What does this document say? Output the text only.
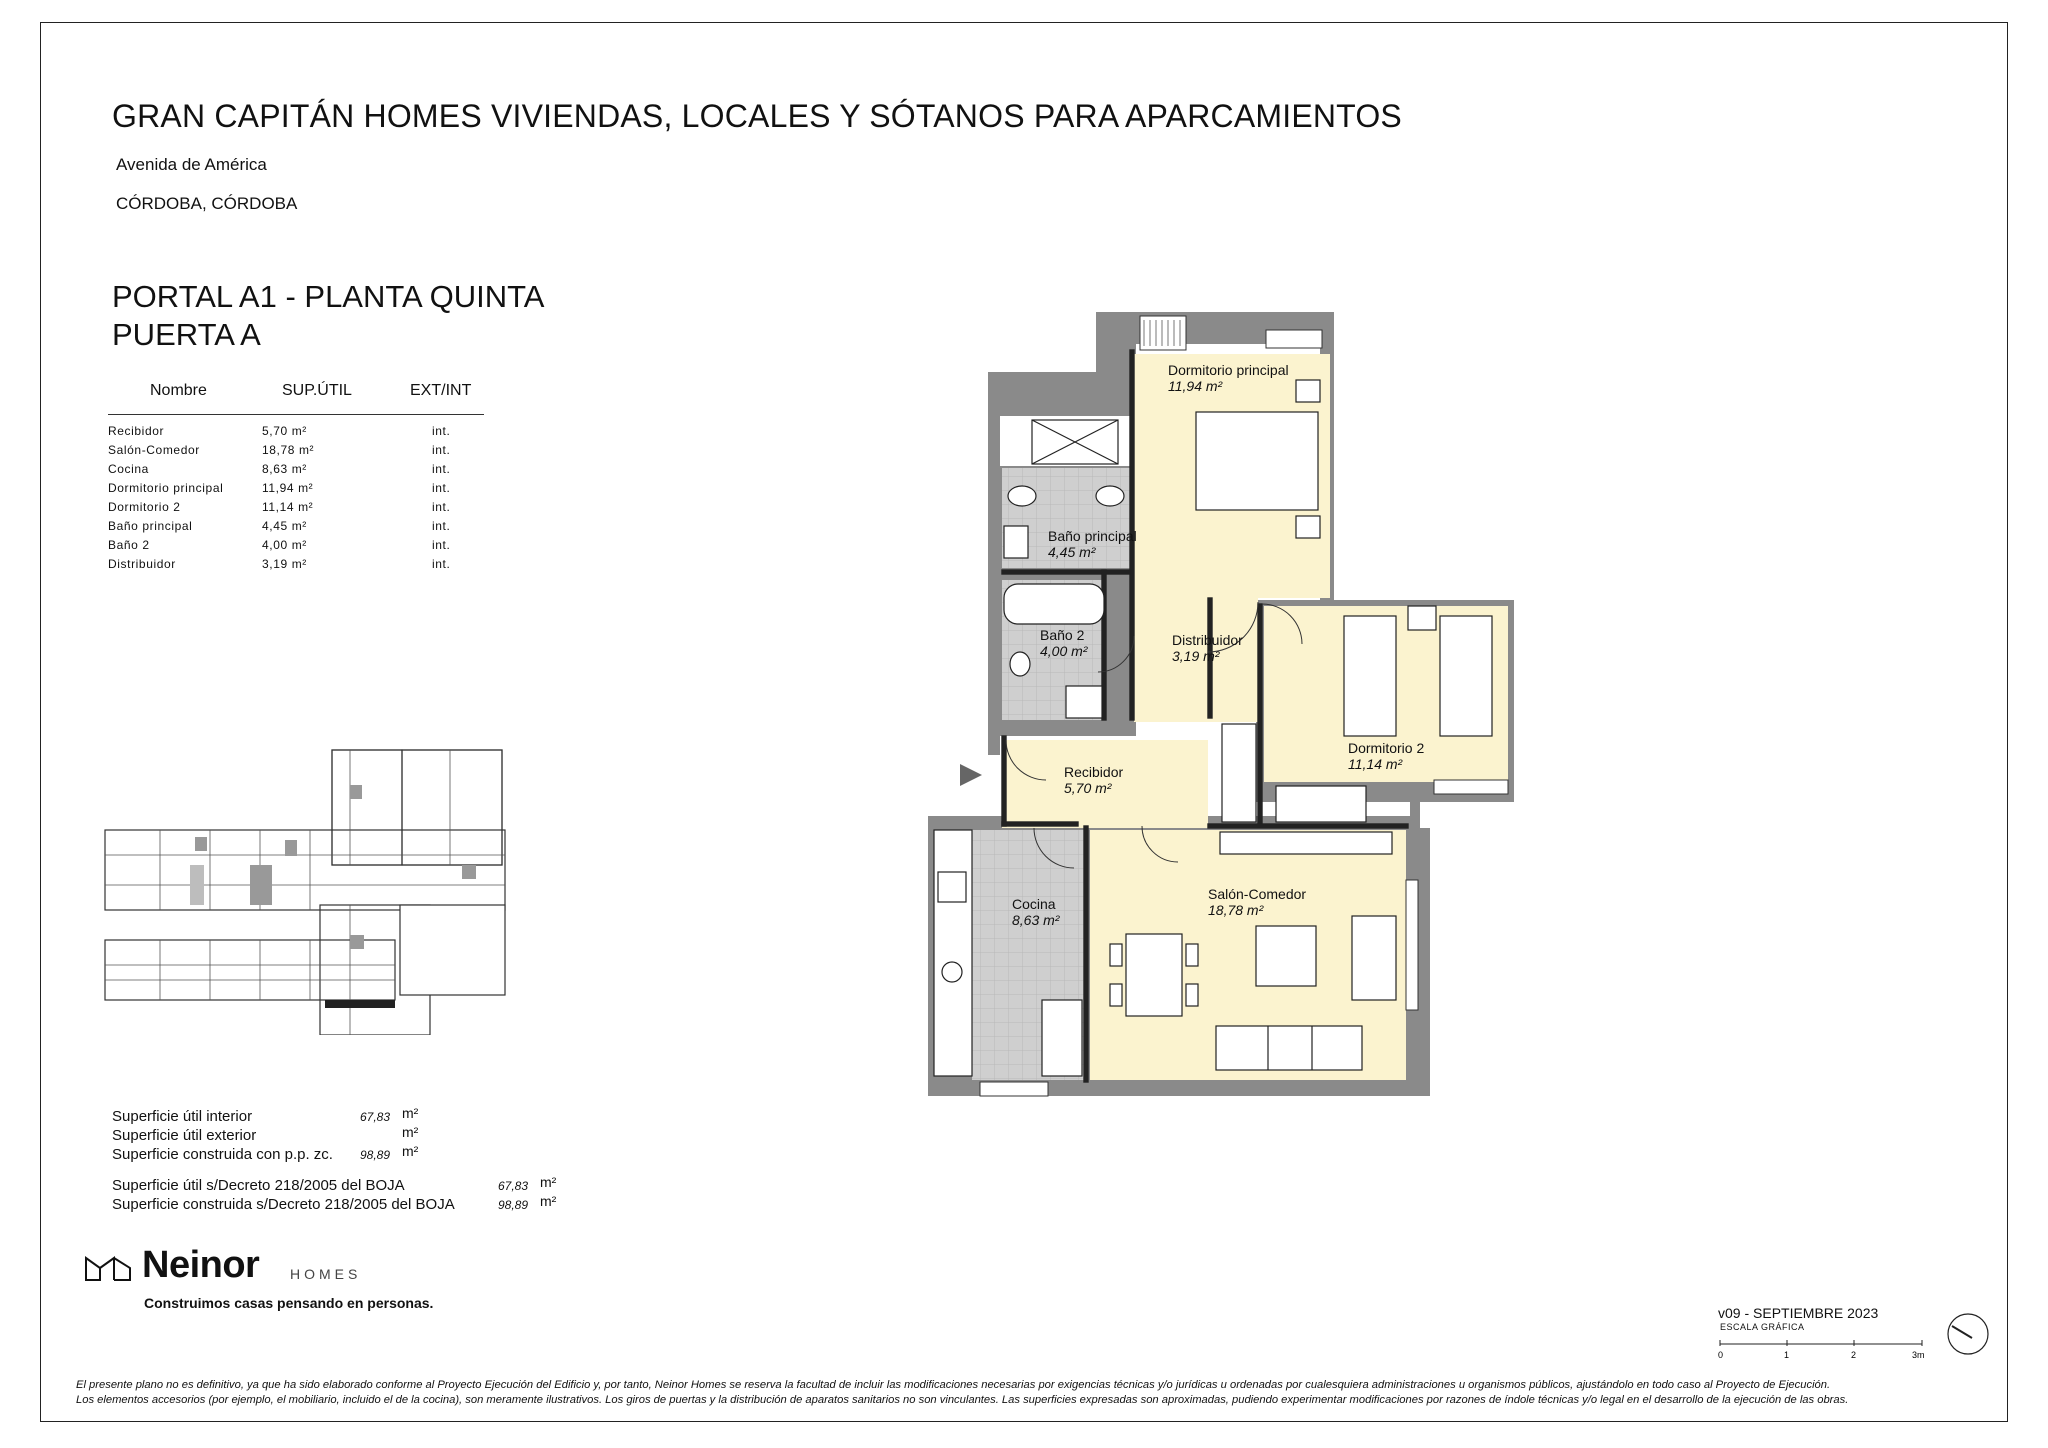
GRAN CAPITÁN HOMES VIVIENDAS, LOCALES Y SÓTANOS PARA APARCAMIENTOS
Avenida de América
CÓRDOBA, CÓRDOBA
PORTAL A1 - PLANTA QUINTA
PUERTA A
Nombre	SUP.ÚTIL	EXT/INT
Recibidor	5,70 m²	int.
Salón-Comedor	18,78 m²	int.
Cocina	8,63 m²	int.
Dormitorio principal	11,94 m²	int.
Dormitorio 2	11,14 m²	int.
Baño principal	4,45 m²	int.
Baño 2	4,00 m²	int.
Distribuidor	3,19 m²	int.
Dormitorio principal
11,94 m²
Baño principal
4,45 m²
Baño 2
4,00 m²
Distribuidor
3,19 m²
Dormitorio 2
11,14 m²
Recibidor
5,70 m²
Cocina
8,63 m²
Salón-Comedor
18,78 m²
Superficie útil interior	67,83 m²
Superficie útil exterior	m²
Superficie construida con p.p. zc. 98,89 m²
Superficie útil s/Decreto 218/2005 del BOJA	67,83 m²
Superficie construida s/Decreto 218/2005 del BOJA	98,89 m²
Neinor HOMES
Construimos casas pensando en personas.
v09 - SEPTIEMBRE 2023
ESCALA GRÁFICA
0	1	2	3m
El presente plano no es definitivo, ya que ha sido elaborado conforme al Proyecto Ejecución del Edificio y, por tanto, Neinor Homes se reserva la facultad de incluir las modificaciones necesarias por exigencias técnicas y/o jurídicas u ordenadas por cualesquiera administraciones u organismos públicos, ajustándolo en todo caso al Proyecto de Ejecución.
Los elementos accesorios (por ejemplo, el mobiliario, incluido el de la cocina), son meramente ilustrativos. Los giros de puertas y la distribución de aparatos sanitarios no son vinculantes. Las superficies expresadas son aproximadas, pudiendo experimentar modificaciones por razones de índole técnicas y/o legal en el desarrollo de la ejecución de las obras.
